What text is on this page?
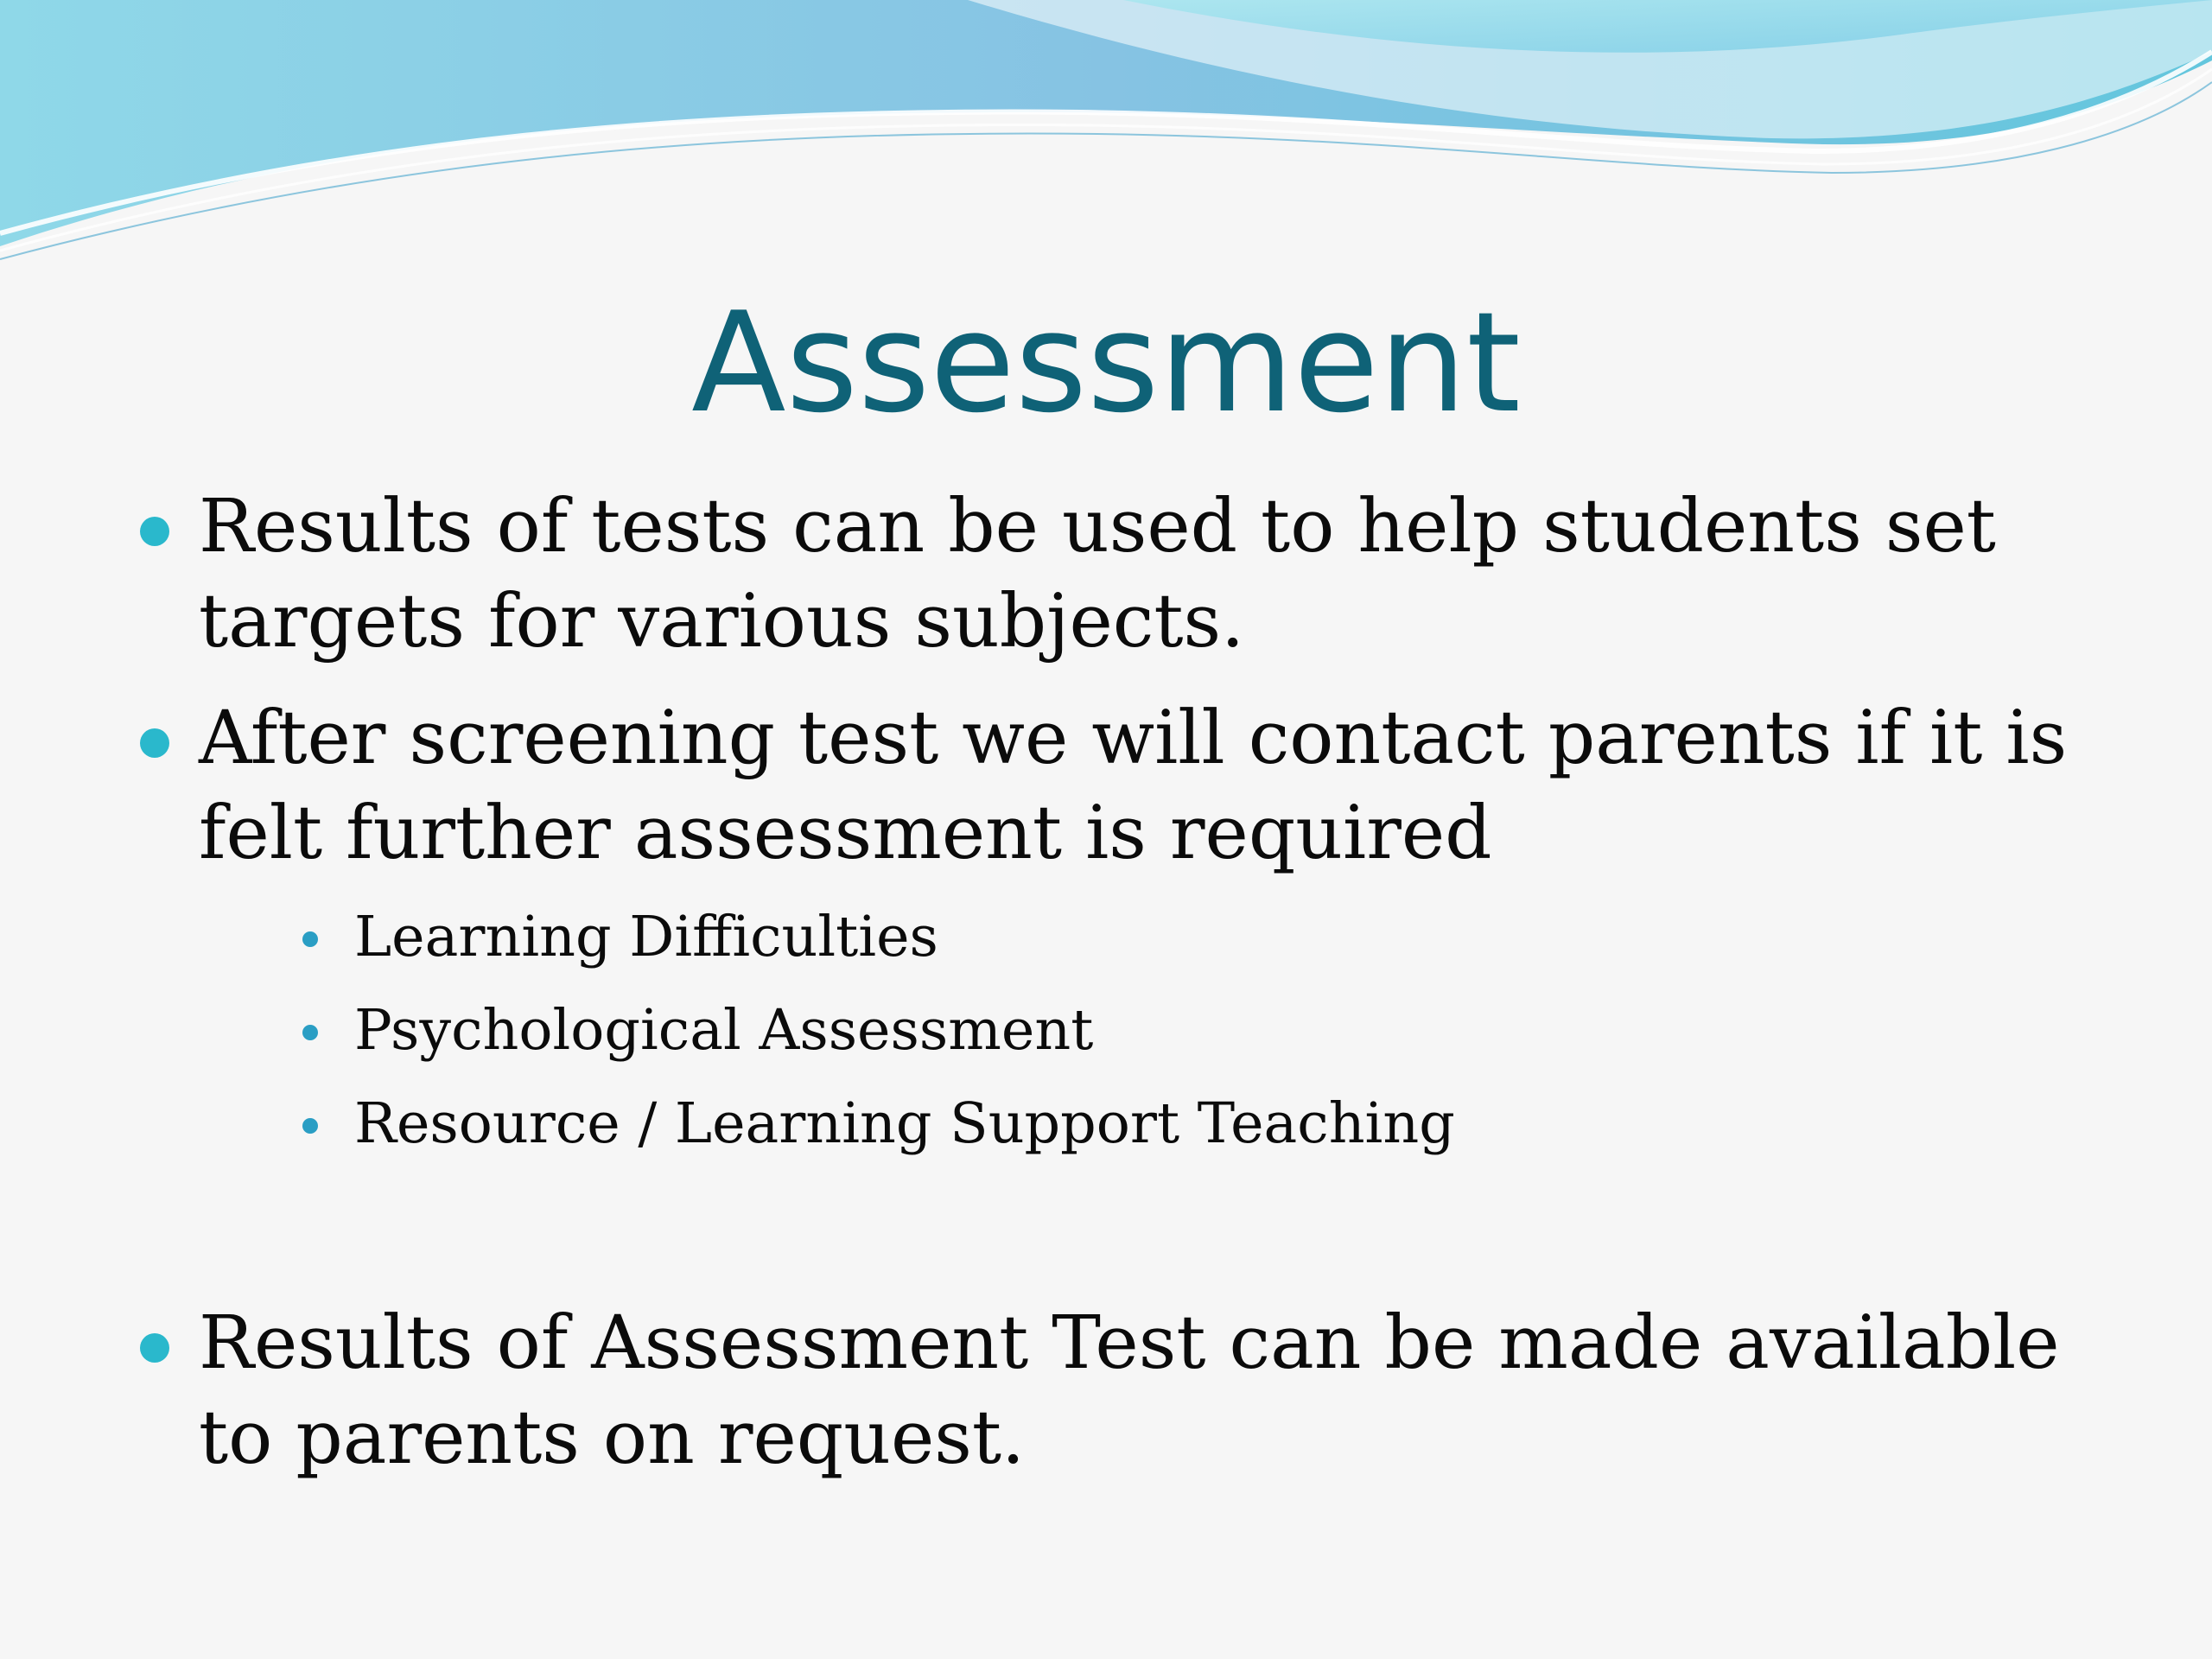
Assessment
Results of tests can be used to help students set targets for various subjects.
After screening test we will contact parents if it is felt further assessment is required
Learning Difficulties
Psychological Assessment
Resource / Learning Support Teaching
Results of Assessment Test can be made available to parents on request.
